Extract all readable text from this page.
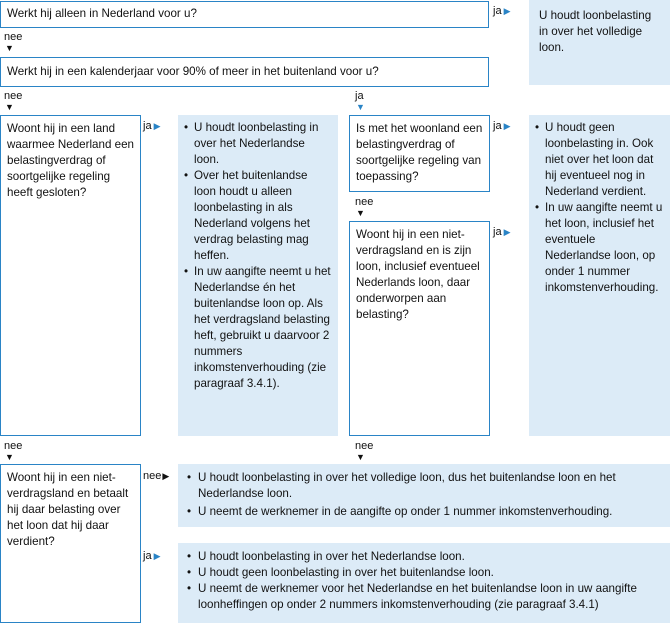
Werkt hij alleen in Nederland voor u?	ja ▶	U houdt loonbelasting in over het volledige loon.
nee
▼
Werkt hij in een kalenderjaar voor 90% of meer in het buitenland voor u?
nee
▼
ja
▼
Woont hij in een land waarmee Nederland een belastingverdrag of soortgelijke regeling heeft gesloten?
ja ▶	• U houdt loonbelasting in over het Nederlandse loon.
• Over het buitenlandse loon houdt u alleen loonbelasting in als Nederland volgens het verdrag belasting mag heffen.
• In uw aangifte neemt u het Nederlandse én het buitenlandse loon op. Als het verdragsland belasting heft, gebruikt u daarvoor 2 nummers inkomstenverhouding (zie paragraaf 3.4.1).
Is met het woonland een belastingverdrag of soortgelijke regeling van toepassing?
ja ▶
nee
▼
Woont hij in een niet-verdragsland en is zijn loon, inclusief eventueel Nederlands loon, daar onderworpen aan belasting?
ja ▶
• U houdt geen loonbelasting in. Ook niet over het loon dat hij eventueel nog in Nederland verdient.
• In uw aangifte neemt u het loon, inclusief het eventuele Nederlandse loon, op onder 1 nummer inkomstenverhouding.
nee
▼
nee
▼
Woont hij in een niet-verdragsland en betaalt hij daar belasting over het loon dat hij daar verdient?
nee▶	• U houdt loonbelasting in over het volledige loon, dus het buitenlandse loon en het Nederlandse loon.
• U neemt de werknemer in de aangifte op onder 1 nummer inkomstenverhouding.
ja ▶	• U houdt loonbelasting in over het Nederlandse loon.
• U houdt geen loonbelasting in over het buitenlandse loon.
• U neemt de werknemer voor het Nederlandse en het buitenlandse loon in uw aangifte loonheffingen op onder 2 nummers inkomstenverhouding (zie paragraaf 3.4.1)
